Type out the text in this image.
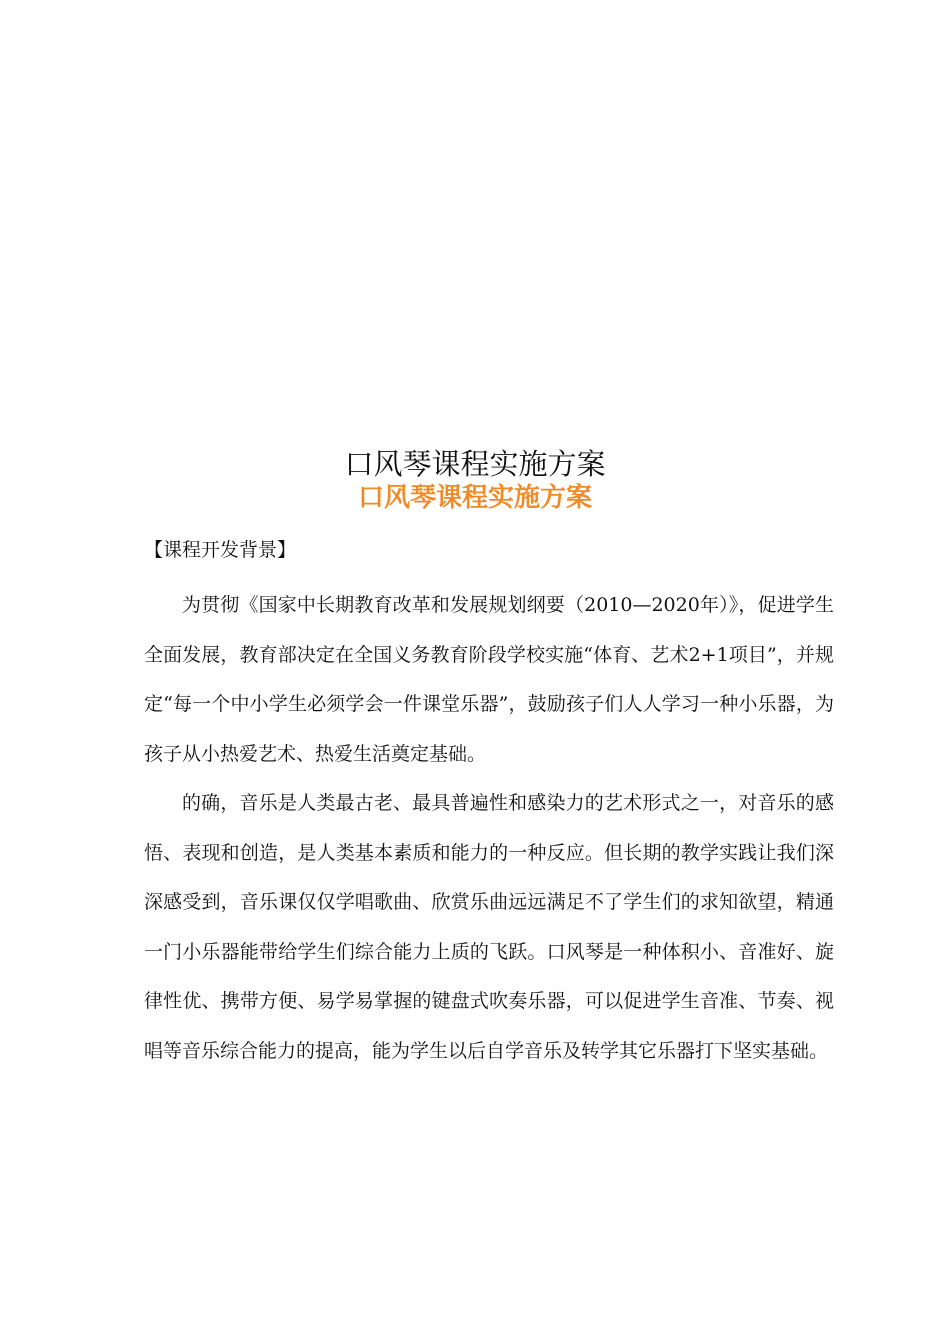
口风琴课程实施方案
口风琴课程实施方案

【课程开发背景】

为贯彻《国家中长期教育改革和发展规划纲要（2010—2020年）》，促进学生全面发展，教育部决定在全国义务教育阶段学校实施“体育、艺术2+1项目”，并规定“每一个中小学生必须学会一件课堂乐器”，鼓励孩子们人人学习一种小乐器，为孩子从小热爱艺术、热爱生活奠定基础。

的确，音乐是人类最古老、最具普遍性和感染力的艺术形式之一，对音乐的感悟、表现和创造，是人类基本素质和能力的一种反应。但长期的教学实践让我们深深感受到，音乐课仅仅学唱歌曲、欣赏乐曲远远满足不了学生们的求知欲望，精通一门小乐器能带给学生们综合能力上质的飞跃。口风琴是一种体积小、音准好、旋律性优、携带方便、易学易掌握的键盘式吹奏乐器，可以促进学生音准、节奏、视唱等音乐综合能力的提高，能为学生以后自学音乐及转学其它乐器打下坚实基础。
